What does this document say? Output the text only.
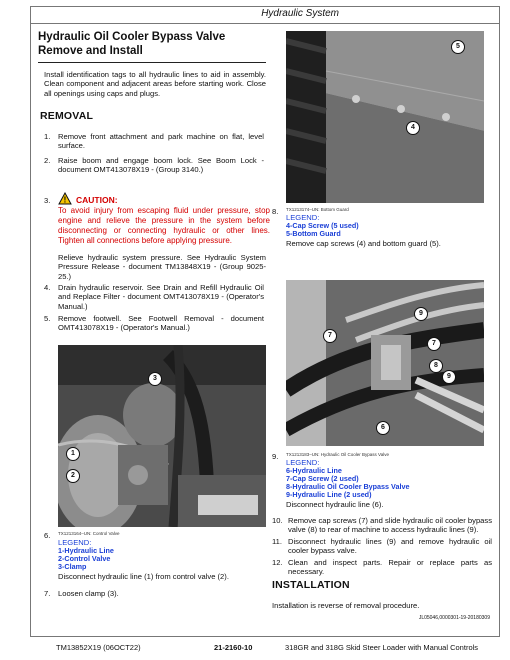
Hydraulic System
Hydraulic Oil Cooler Bypass Valve Remove and Install
Install identification tags to all hydraulic lines to aid in assembly. Clean component and adjacent areas before starting work. Close all openings using caps and plugs.
REMOVAL
1. Remove front attachment and park machine on flat, level surface.
2. Raise boom and engage boom lock. See Boom Lock - document OMT413078X19 - (Group 3140.)
3.	! CAUTION:
To avoid injury from escaping fluid under pressure, stop engine and relieve the pressure in the system before disconnecting or connecting hydraulic or other lines. Tighten all connections before applying pressure.
Relieve hydraulic system pressure. See Hydraulic System Pressure Release - document TM13848X19 - (Group 9025-25.)
4. Drain hydraulic reservoir. See Drain and Refill Hydraulic Oil and Replace Filter - document OMT413078X19 - (Operator's Manual.)
5. Remove footwell. See Footwell Removal - document OMT413078X19 - (Operator's Manual.)
3
1
2
6. TX1213164–UN: Control Valve
LEGEND:
1-Hydraulic Line
2-Control Valve
3-Clamp
Disconnect hydraulic line (1) from control valve (2).
7. Loosen clamp (3).
5
4
8. TX1213174–UN: Bottom Guard
LEGEND:
4-Cap Screw (5 used)
5-Bottom Guard
Remove cap screws (4) and bottom guard (5).
9
7
7
8
9
6
9. TX1213183–UN: Hydraulic Oil Cooler Bypass Valve
LEGEND:
6-Hydraulic Line
7-Cap Screw (2 used)
8-Hydraulic Oil Cooler Bypass Valve
9-Hydraulic Line (2 used)
Disconnect hydraulic line (6).
10. Remove cap screws (7) and slide hydraulic oil cooler bypass valve (8) to rear of machine to access hydraulic lines (9).
11. Disconnect hydraulic lines (9) and remove hydraulic oil cooler bypass valve.
12. Clean and inspect parts. Repair or replace parts as necessary.
INSTALLATION
Installation is reverse of removal procedure.
JL05046,0000301-19-20180309
TM13852X19 (06OCT22)	21-2160-10	318GR and 318G Skid Steer Loader with Manual Controls
